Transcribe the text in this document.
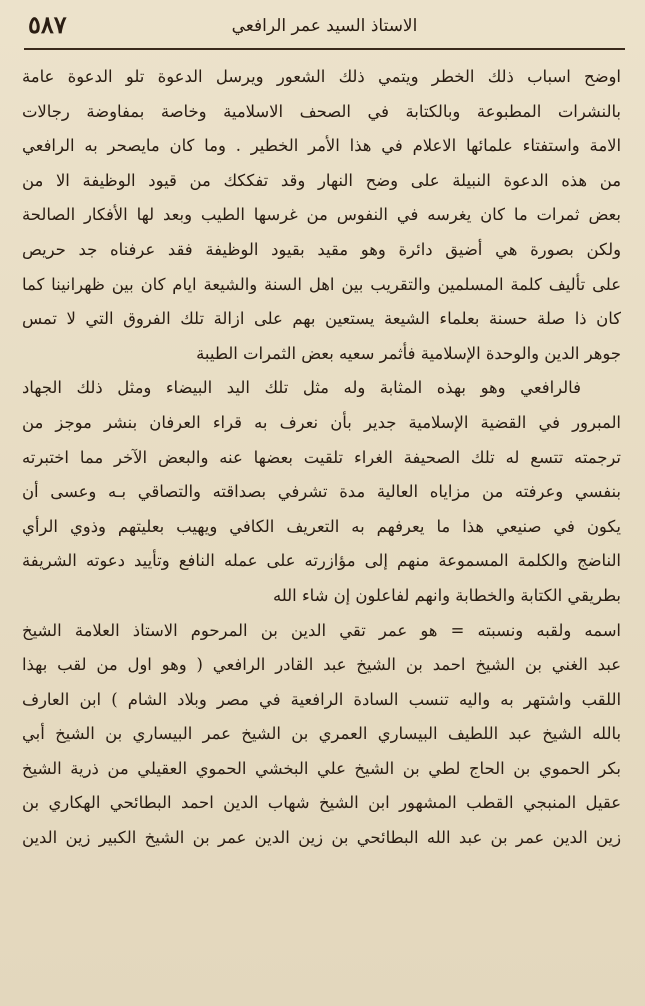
٥٨٧	الاستاذ السيد عمر الرافعي
اوضح اسباب ذلك الخطر ويتمي ذلك الشعور ويرسل الدعوة تلو الدعوة عامة
بالنشرات المطبوعة وبالكتابة في الصحف الاسلامية وخاصة بمفاوضة رجالات
الامة واستفتاء علمائها الاعلام في هذا الأمر الخطير . وما كان مايصحر به الرافعي
من هذه الدعوة النبيلة على وضح النهار وقد تفككك من قيود الوظيفة الا من
بعض ثمرات ما كان يغرسه في النفوس من غرسها الطيب وبعد لها الأفكار الصالحة
ولكن بصورة هي أضيق دائرة وهو مقيد بقيود الوظيفة فقد عرفناه جد حريص
على تأليف كلمة المسلمين والتقريب بين اهل السنة والشيعة ايام كان بين ظهرانينا كما
كان ذا صلة حسنة بعلماء الشيعة يستعين بهم على ازالة تلك الفروق التي لا تمس
جوهر الدين والوحدة الإسلامية فأثمر سعيه بعض الثمرات الطيبة
فالرافعي وهو بهذه المثابة وله مثل تلك اليد البيضاء ومثل ذلك الجهاد
المبرور في القضية الإسلامية جدير بأن نعرف به قراء العرفان بنشر موجز من
ترجمته تتسع له تلك الصحيفة الغراء تلقيت بعضها عنه والبعض الآخر مما اختبرته
بنفسي وعرفته من مزاياه العالية مدة تشرفي بصداقته والتصاقي بـه وعسى أن
يكون في صنيعي هذا ما يعرفهم به التعريف الكافي ويهيب بعليتهم وذوي الرأي
الناضج والكلمة المسموعة منهم إلى مؤازرته على عمله النافع وتأييد دعوته الشريفة
بطريقي الكتابة والخطابة وانهم لفاعلون إن شاء الله
اسمه ولقبه ونسبته = هو عمر تقي الدين بن المرحوم الاستاذ العلامة الشيخ
عبد الغني بن الشيخ احمد بن الشيخ عبد القادر الرافعي ( وهو اول من لقب بهذا
اللقب واشتهر به واليه تنسب السادة الرافعية في مصر وبلاد الشام ) ابن العارف
بالله الشيخ عبد اللطيف البيساري العمري بن الشيخ عمر البيساري بن الشيخ أبي
بكر الحموي بن الحاج لطي بن الشيخ علي البخشي الحموي العقيلي من ذرية الشيخ
عقيل المنبجي القطب المشهور ابن الشيخ شهاب الدين احمد البطائحي الهكاري بن
زين الدين عمر بن عبد الله البطائحي بن زين الدين عمر بن الشيخ الكبير زين الدين
